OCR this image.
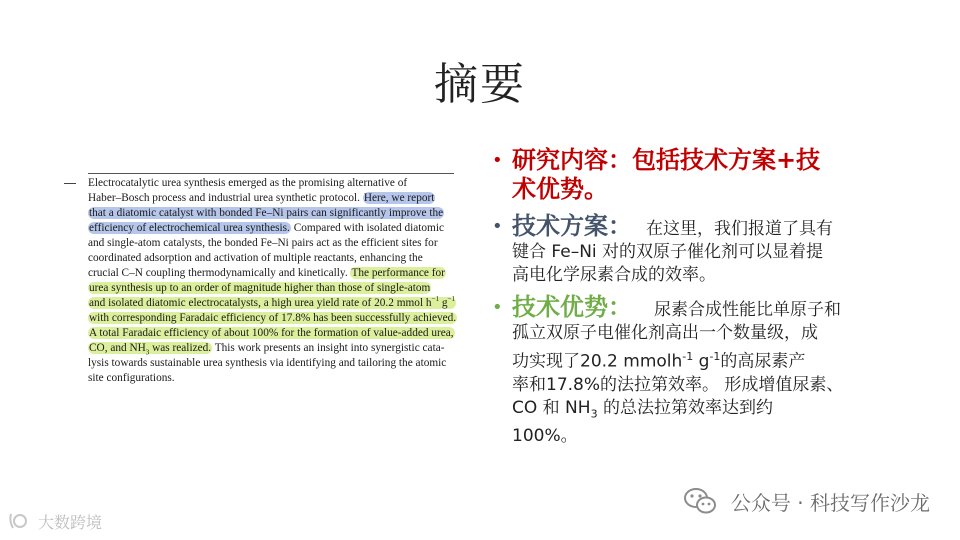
摘要
Electrocatalytic urea synthesis emerged as the promising alternative of
Haber–Bosch process and industrial urea synthetic protocol. Here, we report
that a diatomic catalyst with bonded Fe–Ni pairs can significantly improve the
efficiency of electrochemical urea synthesis. Compared with isolated diatomic
and single-atom catalysts, the bonded Fe–Ni pairs act as the efficient sites for
coordinated adsorption and activation of multiple reactants, enhancing the
crucial C–N coupling thermodynamically and kinetically. The performance for
urea synthesis up to an order of magnitude higher than those of single-atom
and isolated diatomic electrocatalysts, a high urea yield rate of 20.2 mmol $h^{-1}$ $g^{-1}$
with corresponding Faradaic efficiency of 17.8% has been successfully achieved.
A total Faradaic efficiency of about 100% for the formation of value-added urea,
CO, and $NH_3$ was realized. This work presents an insight into synergistic cata-
lysis towards sustainable urea synthesis via identifying and tailoring the atomic
site configurations.
• 研究内容：包括技术方案+技
术优势。
• 技术方案： 在这里，我们报道了具有
键合 Fe–Ni 对的双原子催化剂可以显着提
高电化学尿素合成的效率。
• 技术优势： 尿素合成性能比单原子和
孤立双原子电催化剂高出一个数量级，成
功实现了20.2 mmolh$^{-1}$ $g^{-1}$的高尿素产
率和17.8%的法拉第效率。 形成增值尿素、
CO 和 $NH_3$ 的总法拉第效率达到约
100%。
大数跨境
公众号 · 科技写作沙龙
